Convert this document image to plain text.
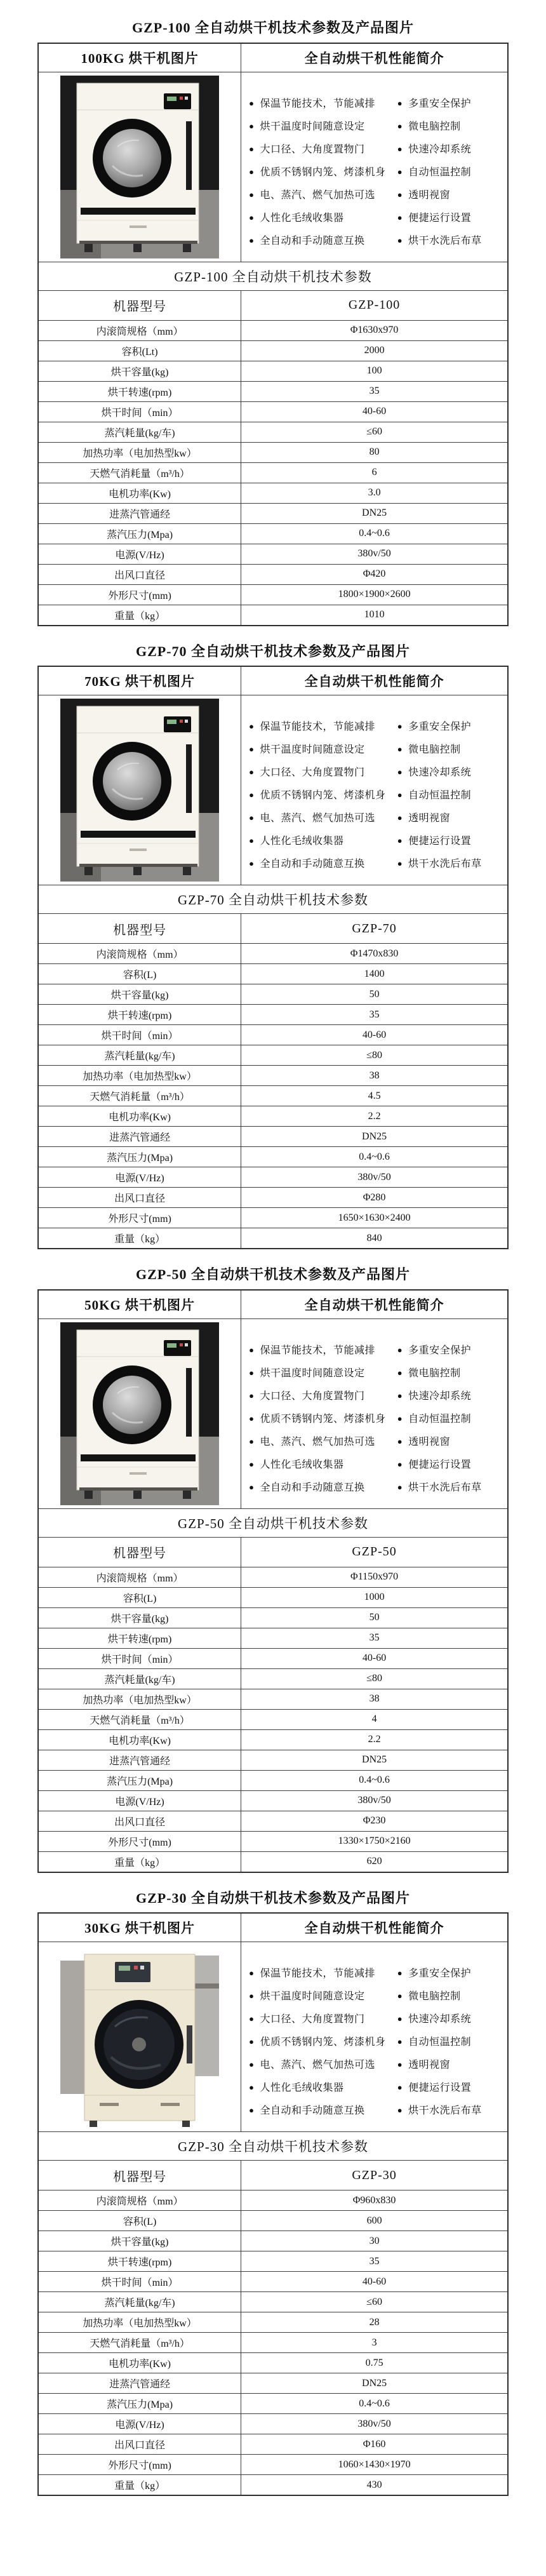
GZP-100 全自动烘干机技术参数及产品图片
100KG 烘干机图片	全自动烘干机性能简介

● 保温节能技术，节能减排
● 烘干温度时间随意设定
● 大口径、大角度置物门
● 优质不锈钢内笼、烤漆机身
● 电、蒸汽、燃气加热可选
● 人性化毛绒收集器
● 全自动和手动随意互换
● 多重安全保护
● 微电脑控制
● 快速冷却系统
● 自动恒温控制
● 透明视窗
● 便捷运行设置
● 烘干水洗后布草

GZP-100 全自动烘干机技术参数	
机器型号	GZP-100
内滚筒规格（mm）	Φ1630x970
容积(Lt)	2000
烘干容量(kg)	100
烘干转速(rpm)	35
烘干时间（min）	40-60
蒸汽耗量(kg/车)	≤60
加热功率（电加热型kw）	80
天燃气消耗量（m³/h）	6
电机功率(Kw)	3.0
进蒸汽管通经	DN25
蒸汽压力(Mpa)	0.4~0.6
电源(V/Hz)	380v/50
出风口直径	Φ420
外形尺寸(mm)	1800×1900×2600
重量（kg）	1010
GZP-70 全自动烘干机技术参数及产品图片
70KG 烘干机图片	全自动烘干机性能简介

● 保温节能技术，节能减排
● 烘干温度时间随意设定
● 大口径、大角度置物门
● 优质不锈钢内笼、烤漆机身
● 电、蒸汽、燃气加热可选
● 人性化毛绒收集器
● 全自动和手动随意互换
● 多重安全保护
● 微电脑控制
● 快速冷却系统
● 自动恒温控制
● 透明视窗
● 便捷运行设置
● 烘干水洗后布草

GZP-70 全自动烘干机技术参数	
机器型号	GZP-70
内滚筒规格（mm）	Φ1470x830
容积(L)	1400
烘干容量(kg)	50
烘干转速(rpm)	35
烘干时间（min）	40-60
蒸汽耗量(kg/车)	≤80
加热功率（电加热型kw）	38
天燃气消耗量（m³/h）	4.5
电机功率(Kw)	2.2
进蒸汽管通经	DN25
蒸汽压力(Mpa)	0.4~0.6
电源(V/Hz)	380v/50
出风口直径	Φ280
外形尺寸(mm)	1650×1630×2400
重量（kg）	840
GZP-50 全自动烘干机技术参数及产品图片
50KG 烘干机图片	全自动烘干机性能简介

● 保温节能技术，节能减排
● 烘干温度时间随意设定
● 大口径、大角度置物门
● 优质不锈钢内笼、烤漆机身
● 电、蒸汽、燃气加热可选
● 人性化毛绒收集器
● 全自动和手动随意互换
● 多重安全保护
● 微电脑控制
● 快速冷却系统
● 自动恒温控制
● 透明视窗
● 便捷运行设置
● 烘干水洗后布草

GZP-50 全自动烘干机技术参数	
机器型号	GZP-50
内滚筒规格（mm）	Φ1150x970
容积(L)	1000
烘干容量(kg)	50
烘干转速(rpm)	35
烘干时间（min）	40-60
蒸汽耗量(kg/车)	≤80
加热功率（电加热型kw）	38
天燃气消耗量（m³/h）	4
电机功率(Kw)	2.2
进蒸汽管通经	DN25
蒸汽压力(Mpa)	0.4~0.6
电源(V/Hz)	380v/50
出风口直径	Φ230
外形尺寸(mm)	1330×1750×2160
重量（kg）	620
GZP-30 全自动烘干机技术参数及产品图片
30KG 烘干机图片	全自动烘干机性能简介

● 保温节能技术，节能减排
● 烘干温度时间随意设定
● 大口径、大角度置物门
● 优质不锈钢内笼、烤漆机身
● 电、蒸汽、燃气加热可选
● 人性化毛绒收集器
● 全自动和手动随意互换
● 多重安全保护
● 微电脑控制
● 快速冷却系统
● 自动恒温控制
● 透明视窗
● 便捷运行设置
● 烘干水洗后布草

GZP-30 全自动烘干机技术参数	
机器型号	GZP-30
内滚筒规格（mm）	Φ960x830
容积(L)	600
烘干容量(kg)	30
烘干转速(rpm)	35
烘干时间（min）	40-60
蒸汽耗量(kg/车)	≤60
加热功率（电加热型kw）	28
天燃气消耗量（m³/h）	3
电机功率(Kw)	0.75
进蒸汽管通经	DN25
蒸汽压力(Mpa)	0.4~0.6
电源(V/Hz)	380v/50
出风口直径	Φ160
外形尺寸(mm)	1060×1430×1970
重量（kg）	430
